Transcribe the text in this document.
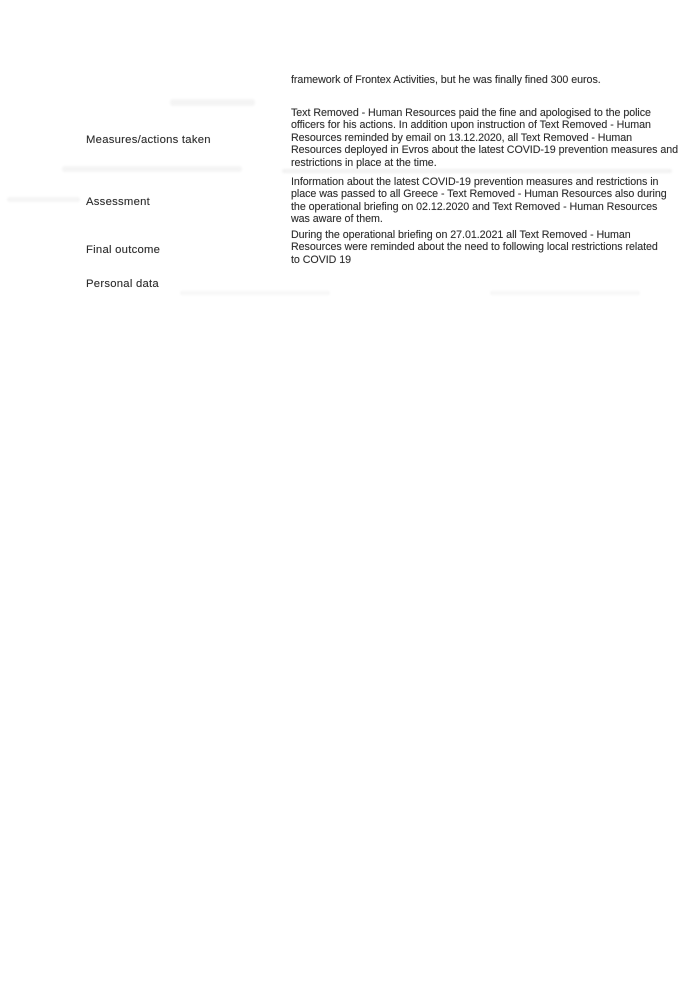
framework of Frontex Activities, but he was finally fined 300 euros.
Measures/actions taken
Text Removed - Human Resources paid the fine and apologised to the police
officers for his actions. In addition upon instruction of Text Removed - Human
Resources reminded by email on 13.12.2020, all Text Removed - Human
Resources deployed in Evros about the latest COVID-19 prevention measures and
restrictions in place at the time.
Assessment
Information about the latest COVID-19 prevention measures and restrictions in
place was passed to all Greece - Text Removed - Human Resources also during
the operational briefing on 02.12.2020 and Text Removed - Human Resources
was aware of them.
Final outcome
During the operational briefing on 27.01.2021 all Text Removed - Human
Resources were reminded about the need to following local restrictions related
to COVID 19
Personal data
